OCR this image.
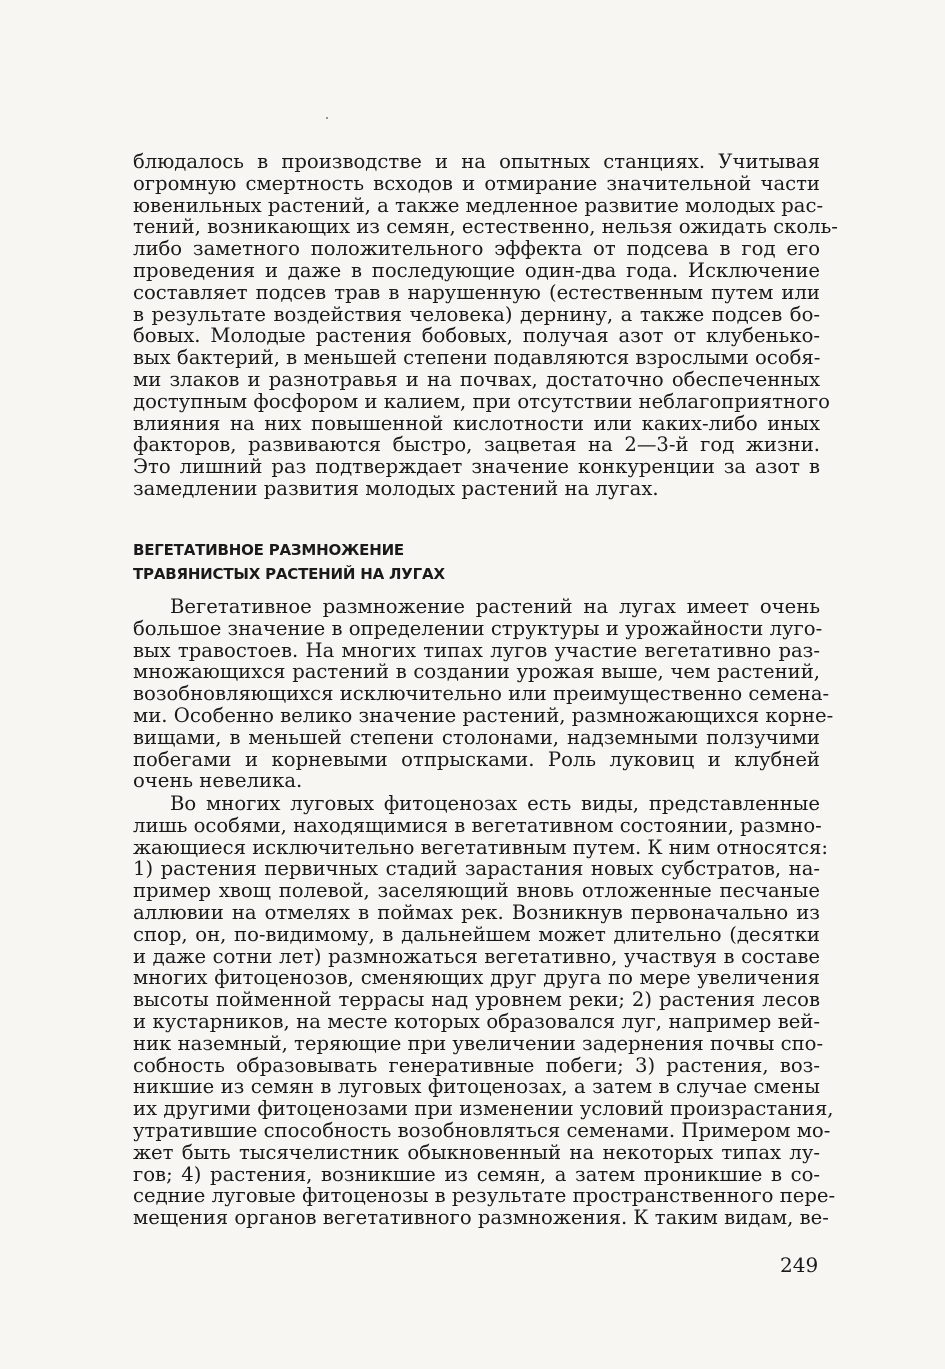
блюдалось в производстве и на опытных станциях. Учитывая
огромную смертность всходов и отмирание значительной части
ювенильных растений, а также медленное развитие молодых рас-
тений, возникающих из семян, естественно, нельзя ожидать сколь-
либо заметного положительного эффекта от подсева в год его
проведения и даже в последующие один-два года. Исключение
составляет подсев трав в нарушенную (естественным путем или
в результате воздействия человека) дернину, а также подсев бо-
бовых. Молодые растения бобовых, получая азот от клубенько-
вых бактерий, в меньшей степени подавляются взрослыми особя-
ми злаков и разнотравья и на почвах, достаточно обеспеченных
доступным фосфором и калием, при отсутствии неблагоприятного
влияния на них повышенной кислотности или каких-либо иных
факторов, развиваются быстро, зацветая на 2—3-й год жизни.
Это лишний раз подтверждает значение конкуренции за азот в
замедлении развития молодых растений на лугах.
ВЕГЕТАТИВНОЕ РАЗМНОЖЕНИЕ
ТРАВЯНИСТЫХ РАСТЕНИЙ НА ЛУГАХ
Вегетативное размножение растений на лугах имеет очень
большое значение в определении структуры и урожайности луго-
вых травостоев. На многих типах лугов участие вегетативно раз-
множающихся растений в создании урожая выше, чем растений,
возобновляющихся исключительно или преимущественно семена-
ми. Особенно велико значение растений, размножающихся корне-
вищами, в меньшей степени столонами, надземными ползучими
побегами и корневыми отпрысками. Роль луковиц и клубней
очень невелика.
Во многих луговых фитоценозах есть виды, представленные
лишь особями, находящимися в вегетативном состоянии, размно-
жающиеся исключительно вегетативным путем. К ним относятся:
1) растения первичных стадий зарастания новых субстратов, на-
пример хвощ полевой, заселяющий вновь отложенные песчаные
аллювии на отмелях в поймах рек. Возникнув первоначально из
спор, он, по-видимому, в дальнейшем может длительно (десятки
и даже сотни лет) размножаться вегетативно, участвуя в составе
многих фитоценозов, сменяющих друг друга по мере увеличения
высоты пойменной террасы над уровнем реки; 2) растения лесов
и кустарников, на месте которых образовался луг, например вей-
ник наземный, теряющие при увеличении задернения почвы спо-
собность образовывать генеративные побеги; 3) растения, воз-
никшие из семян в луговых фитоценозах, а затем в случае смены
их другими фитоценозами при изменении условий произрастания,
утратившие способность возобновляться семенами. Примером мо-
жет быть тысячелистник обыкновенный на некоторых типах лу-
гов; 4) растения, возникшие из семян, а затем проникшие в со-
седние луговые фитоценозы в результате пространственного пере-
мещения органов вегетативного размножения. К таким видам, ве-
249
